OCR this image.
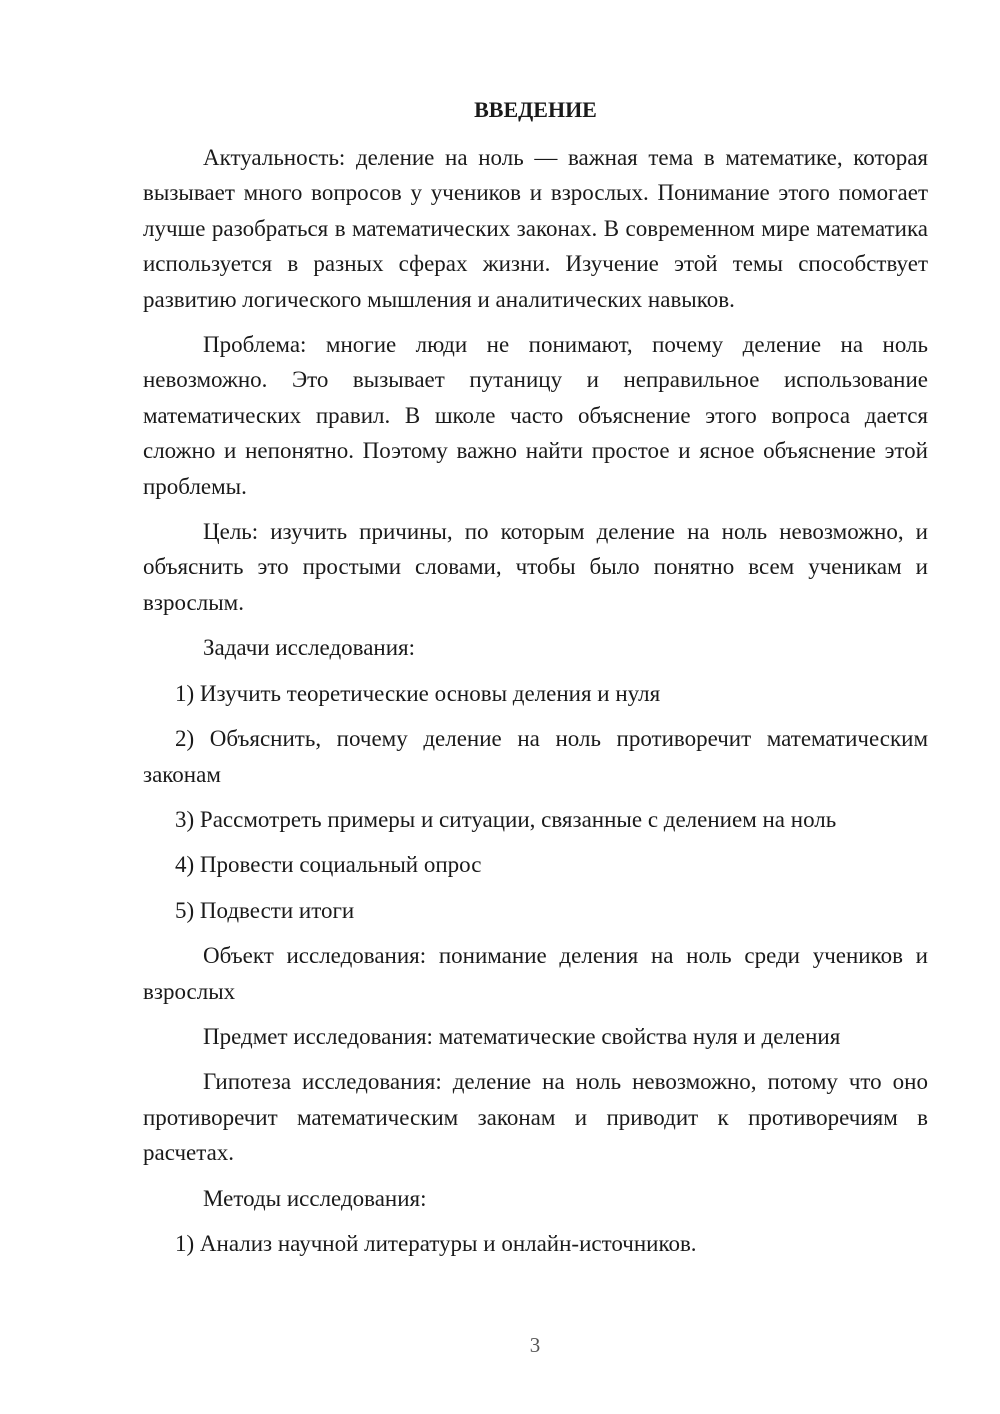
ВВЕДЕНИЕ

Актуальность: деление на ноль — важная тема в математике, которая вызывает много вопросов у учеников и взрослых. Понимание этого помогает лучше разобраться в математических законах. В современном мире математика используется в разных сферах жизни. Изучение этой темы способствует развитию логического мышления и аналитических навыков.

Проблема: многие люди не понимают, почему деление на ноль невозможно. Это вызывает путаницу и неправильное использование математических правил. В школе часто объяснение этого вопроса дается сложно и непонятно. Поэтому важно найти простое и ясное объяснение этой проблемы.

Цель: изучить причины, по которым деление на ноль невозможно, и объяснить это простыми словами, чтобы было понятно всем ученикам и взрослым.

Задачи исследования:

1) Изучить теоретические основы деления и нуля

2) Объяснить, почему деление на ноль противоречит математическим законам

3) Рассмотреть примеры и ситуации, связанные с делением на ноль

4) Провести социальный опрос

5) Подвести итоги

Объект исследования: понимание деления на ноль среди учеников и взрослых

Предмет исследования: математические свойства нуля и деления

Гипотеза исследования: деление на ноль невозможно, потому что оно противоречит математическим законам и приводит к противоречиям в расчетах.

Методы исследования:

1) Анализ научной литературы и онлайн-источников.

3
